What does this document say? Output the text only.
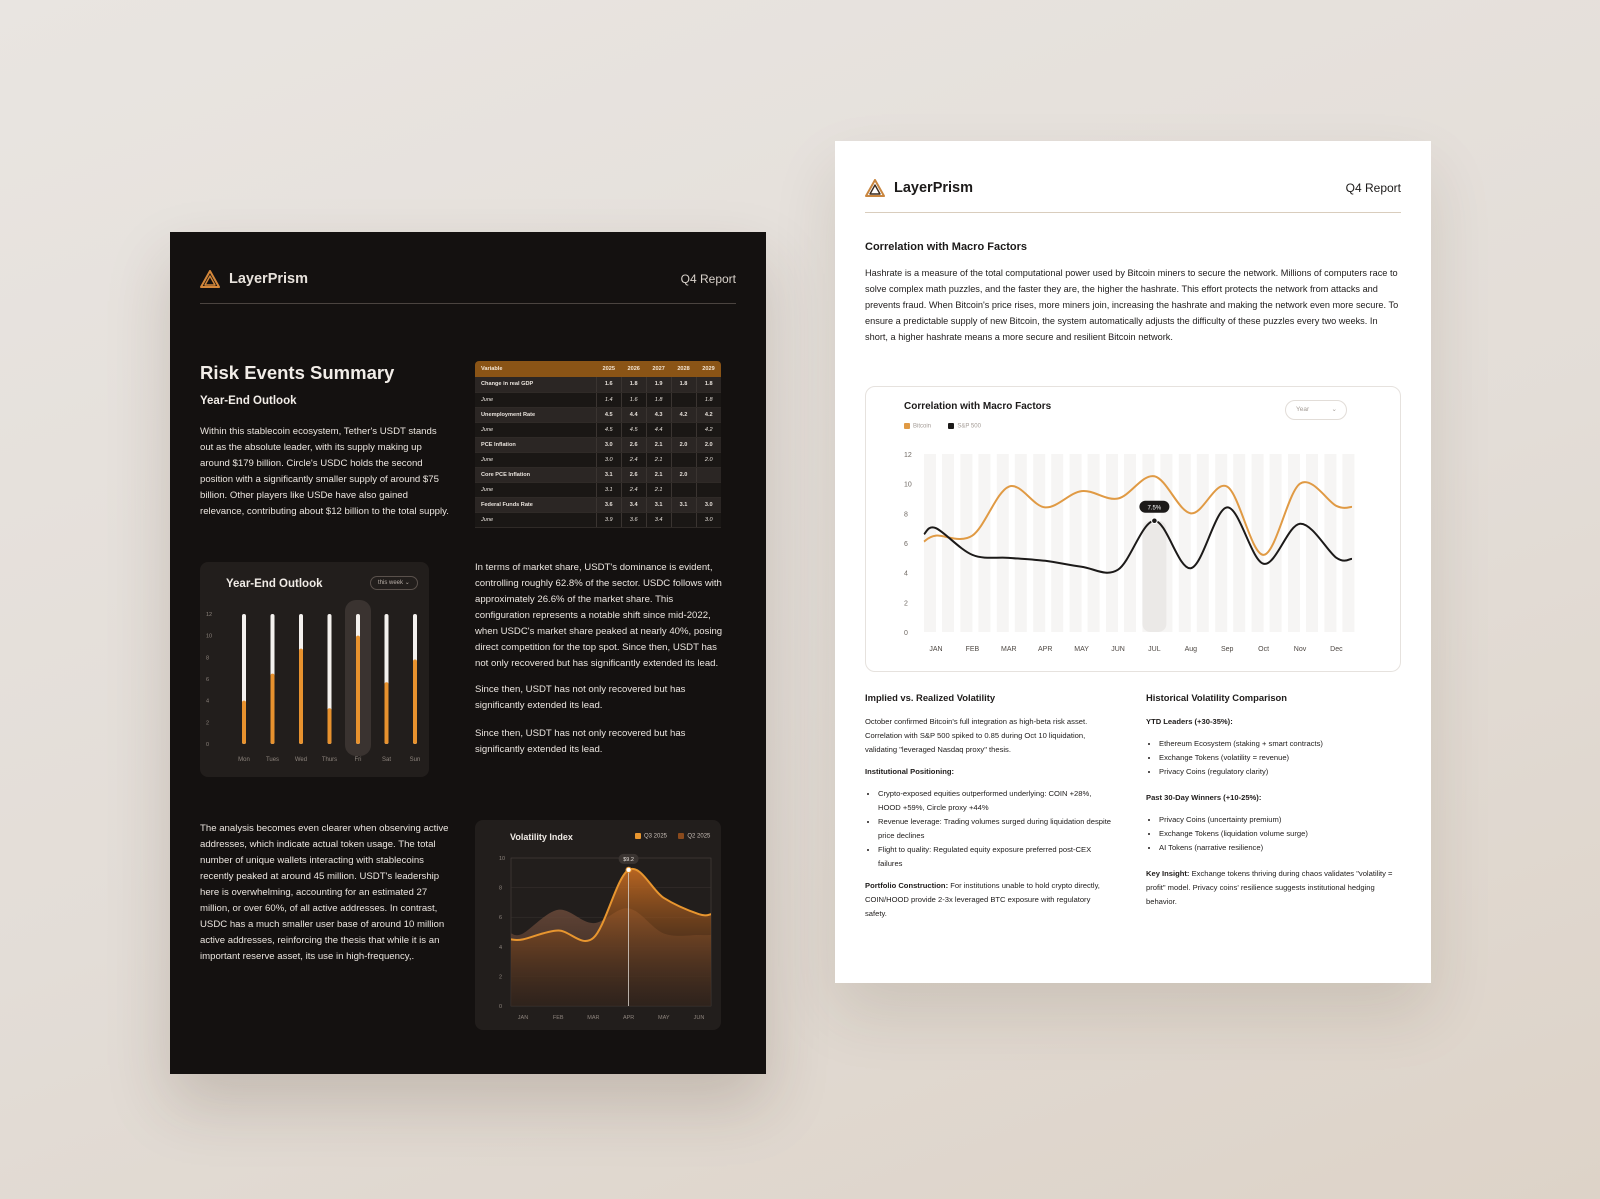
LayerPrism	Q4 Report
Risk Events Summary
Year-End Outlook
Within this stablecoin ecosystem, Tether's USDT stands out as the absolute leader, with its supply making up around $179 billion. Circle's USDC holds the second position with a significantly smaller supply of around $75 billion. Other players like USDe have also gained relevance, contributing about $12 billion to the total supply.
Variable	2025	2026	2027	2028	2029
Change in real GDP	1.6	1.8	1.9	1.8	1.8
June	1.4	1.6	1.8		1.8
Unemployment Rate	4.5	4.4	4.3	4.2	4.2
June	4.5	4.5	4.4		4.2
PCE Inflation	3.0	2.6	2.1	2.0	2.0
June	3.0	2.4	2.1		2.0
Core PCE Inflation	3.1	2.6	2.1	2.0	
June	3.1	2.4	2.1		
Federal Funds Rate	3.6	3.4	3.1	3.1	3.0
June	3.9	3.6	3.4		3.0
Year-End Outlook	this week ⌄
0
2
4
6
8
10
12
Mon	Tues	Wed Thurs	Fri	Sat	Sun
In terms of market share, USDT's dominance is evident, controlling roughly 62.8% of the sector. USDC follows with approximately 26.6% of the market share. This configuration represents a notable shift since mid-2022, when USDC's market share peaked at nearly 40%, posing direct competition for the top spot. Since then, USDT has not only recovered but has significantly extended its lead.
Since then, USDT has not only recovered but has significantly extended its lead.
Since then, USDT has not only recovered but has significantly extended its lead.
The analysis becomes even clearer when observing active addresses, which indicate actual token usage. The total number of unique wallets interacting with stablecoins recently peaked at around 45 million. USDT's leadership here is overwhelming, accounting for an estimated 27 million, or over 60%, of all active addresses. In contrast, USDC has a much smaller user base of around 10 million active addresses, reinforcing the thesis that while it is an important reserve asset, its use in high-frequency,.
Volatility Index	Q3 2025	Q2 2025
0
2
4
6
8
10	$9.2
JAN	FEB	MAR	APR	MAY	JUN
LayerPrism	Q4 Report
Correlation with Macro Factors
Hashrate is a measure of the total computational power used by Bitcoin miners to secure the network. Millions of computers race to solve complex math puzzles, and the faster they are, the higher the hashrate. This effort protects the network from attacks and prevents fraud. When Bitcoin's price rises, more miners join, increasing the hashrate and making the network even more secure. To ensure a predictable supply of new Bitcoin, the system automatically adjusts the difficulty of these puzzles every two weeks. In short, a higher hashrate means a more secure and resilient Bitcoin network.
Correlation with Macro Factors
Bitcoin	S&P 500
Year	⌄
0
2
4
6
8
10
12
7.5%
JAN	FEB	MAR	APR	MAY	JUN	JUL	Aug	Sep	Oct	Nov	Dec
Implied vs. Realized Volatility

October confirmed Bitcoin's full integration as high-beta risk asset. Correlation with S&P 500 spiked to 0.85 during Oct 10 liquidation, validating "leveraged Nasdaq proxy" thesis.

Institutional Positioning:
• Crypto-exposed equities outperformed underlying: COIN +28%, HOOD +59%, Circle proxy +44%
• Revenue leverage: Trading volumes surged during liquidation despite price declines
• Flight to quality: Regulated equity exposure preferred post-CEX failures

Portfolio Construction: For institutions unable to hold crypto directly, COIN/HOOD provide 2-3x leveraged BTC exposure with regulatory safety.

Historical Volatility Comparison
YTD Leaders (+30-35%):
• Ethereum Ecosystem (staking + smart contracts)
• Exchange Tokens (volatility = revenue)
• Privacy Coins (regulatory clarity)
Past 30-Day Winners (+10-25%):
• Privacy Coins (uncertainty premium)
• Exchange Tokens (liquidation volume surge)
• AI Tokens (narrative resilience)

Key Insight: Exchange tokens thriving during chaos validates "volatility = profit" model. Privacy coins' resilience suggests institutional hedging behavior.
